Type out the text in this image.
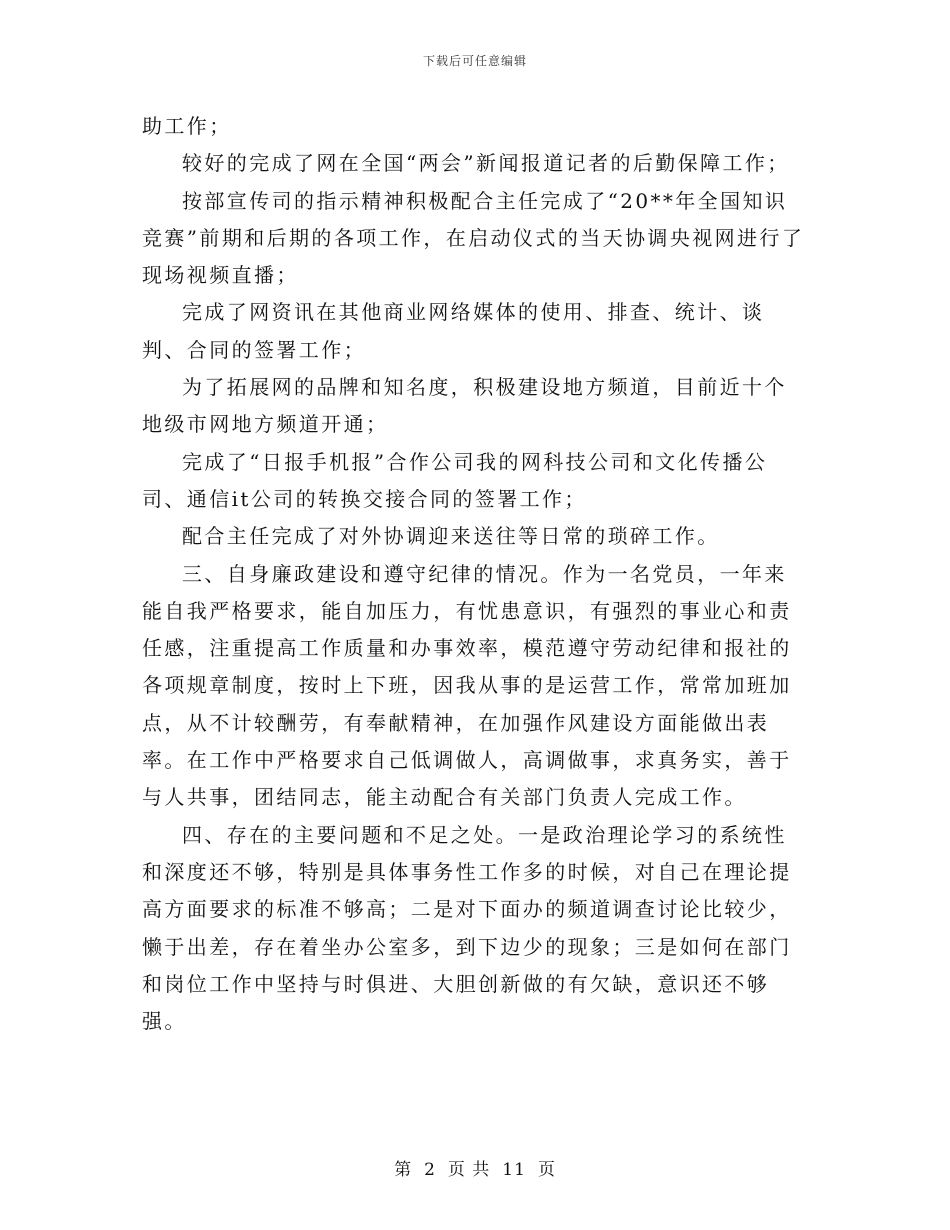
下载后可任意编辑

助工作；

较好的完成了网在全国“两会”新闻报道记者的后勤保障工作；

按部宣传司的指示精神积极配合主任完成了“20**年全国知识竞赛”前期和后期的各项工作，在启动仪式的当天协调央视网进行了现场视频直播；

完成了网资讯在其他商业网络媒体的使用、排查、统计、谈判、合同的签署工作；

为了拓展网的品牌和知名度，积极建设地方频道，目前近十个地级市网地方频道开通；

完成了“日报手机报”合作公司我的网科技公司和文化传播公司、通信it公司的转换交接合同的签署工作；

配合主任完成了对外协调迎来送往等日常的琐碎工作。

三、自身廉政建设和遵守纪律的情况。作为一名党员，一年来能自我严格要求，能自加压力，有忧患意识，有强烈的事业心和责任感，注重提高工作质量和办事效率，模范遵守劳动纪律和报社的各项规章制度，按时上下班，因我从事的是运营工作，常常加班加点，从不计较酬劳，有奉献精神，在加强作风建设方面能做出表率。在工作中严格要求自己低调做人，高调做事，求真务实，善于与人共事，团结同志，能主动配合有关部门负责人完成工作。

四、存在的主要问题和不足之处。一是政治理论学习的系统性和深度还不够，特别是具体事务性工作多的时候，对自己在理论提高方面要求的标准不够高；二是对下面办的频道调查讨论比较少，懒于出差，存在着坐办公室多，到下边少的现象；三是如何在部门和岗位工作中坚持与时俱进、大胆创新做的有欠缺，意识还不够强。

第 2 页 共 11 页
